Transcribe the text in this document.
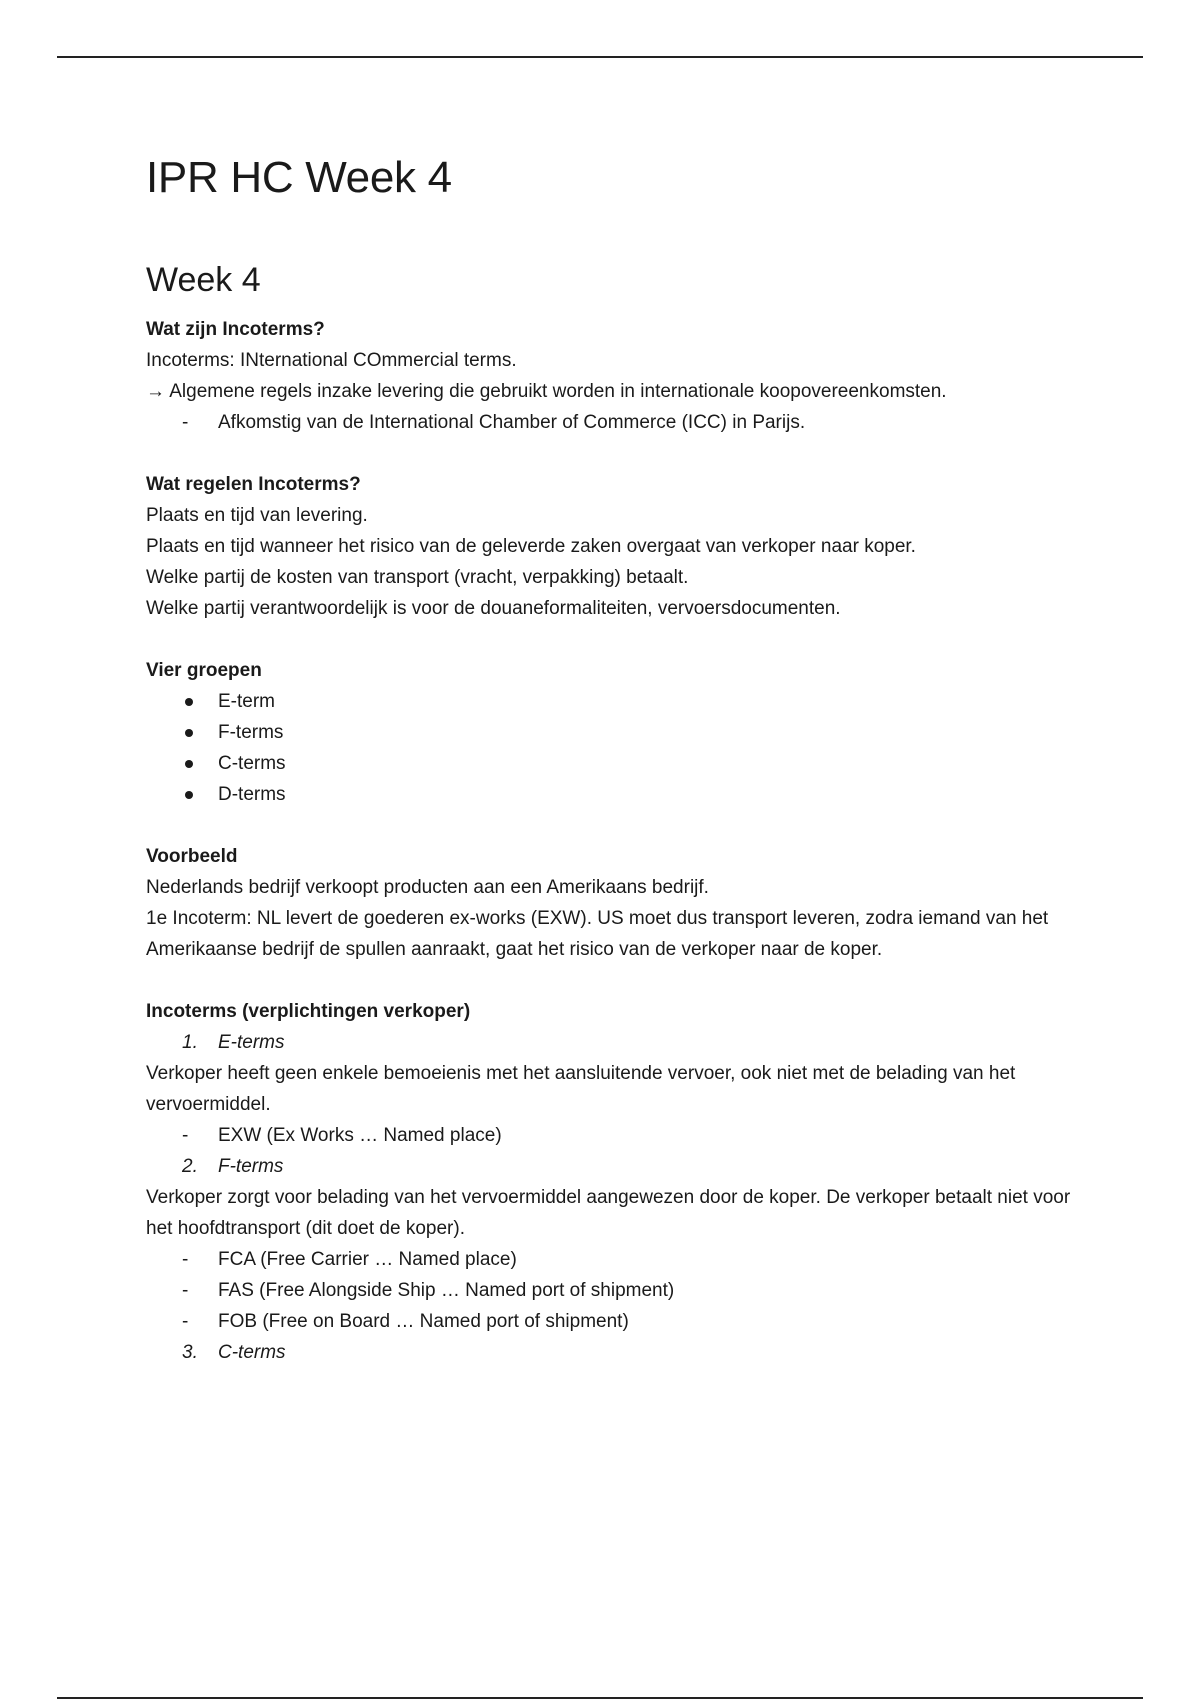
IPR HC Week 4
Week 4

Wat zijn Incoterms?

Incoterms: INternational COmmercial terms.

→ Algemene regels inzake levering die gebruikt worden in internationale koopovereenkomsten.

-	Afkomstig van de International Chamber of Commerce (ICC) in Parijs.

Wat regelen Incoterms?

Plaats en tijd van levering.

Plaats en tijd wanneer het risico van de geleverde zaken overgaat van verkoper naar koper.

Welke partij de kosten van transport (vracht, verpakking) betaalt.

Welke partij verantwoordelijk is voor de douaneformaliteiten, vervoersdocumenten.

Vier groepen

E-term
F-terms
C-terms
D-terms

Voorbeeld

Nederlands bedrijf verkoopt producten aan een Amerikaans bedrijf.

1e Incoterm: NL levert de goederen ex-works (EXW). US moet dus transport leveren, zodra iemand van het Amerikaanse bedrijf de spullen aanraakt, gaat het risico van de verkoper naar de koper.

Incoterms (verplichtingen verkoper)

1.	E-terms

Verkoper heeft geen enkele bemoeienis met het aansluitende vervoer, ook niet met de belading van het vervoermiddel.

-	EXW (Ex Works … Named place)
2.	F-terms

Verkoper zorgt voor belading van het vervoermiddel aangewezen door de koper. De verkoper betaalt niet voor het hoofdtransport (dit doet de koper).

-	FCA (Free Carrier … Named place)
-	FAS (Free Alongside Ship … Named port of shipment)
-	FOB (Free on Board … Named port of shipment)
3.	C-terms
